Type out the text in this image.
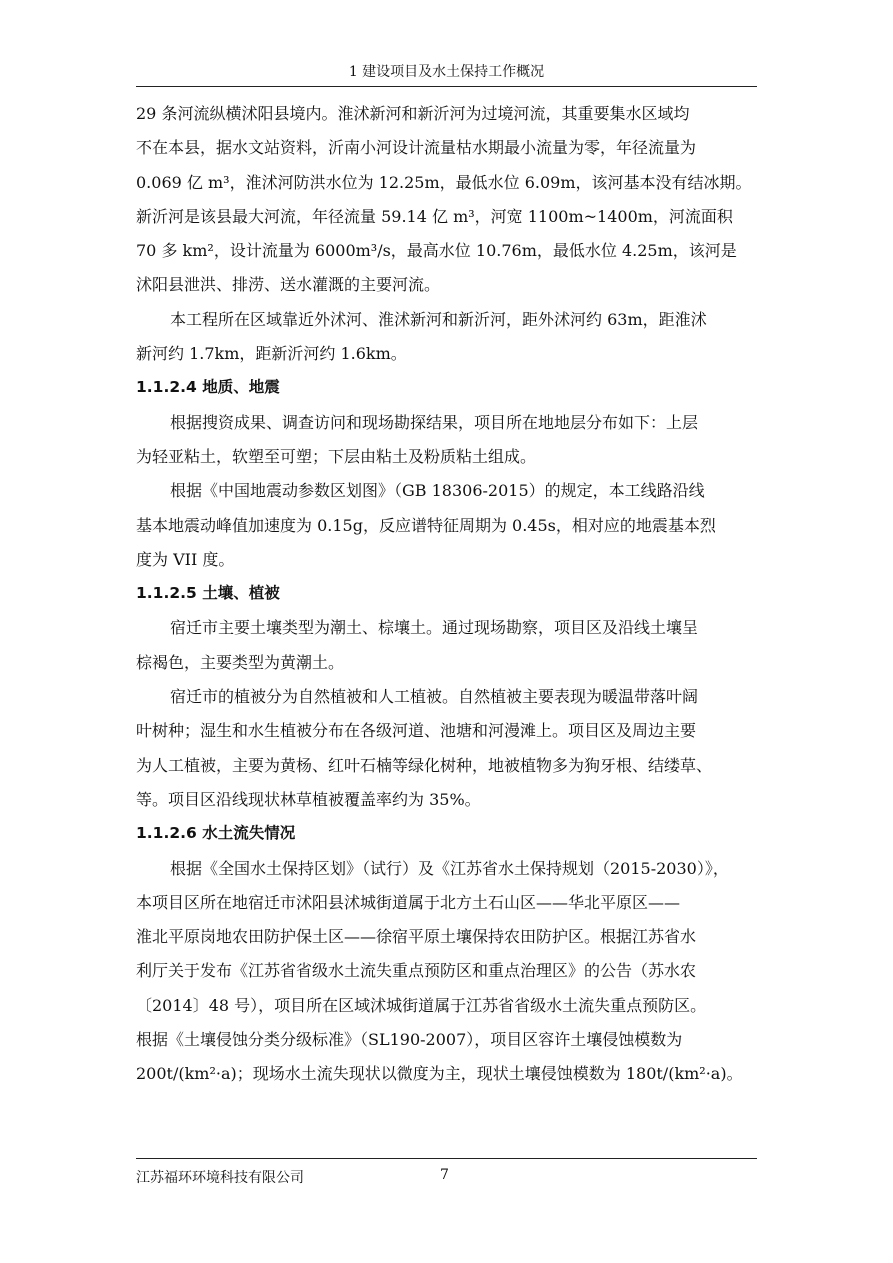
1 建设项目及水土保持工作概况
29 条河流纵横沭阳县境内。淮沭新河和新沂河为过境河流，其重要集水区域均
不在本县，据水文站资料，沂南小河设计流量枯水期最小流量为零，年径流量为
0.069 亿 m³，淮沭河防洪水位为 12.25m，最低水位 6.09m，该河基本没有结冰期。
新沂河是该县最大河流，年径流量 59.14 亿 m³，河宽 1100m~1400m，河流面积
70 多 km²，设计流量为 6000m³/s，最高水位 10.76m，最低水位 4.25m，该河是
沭阳县泄洪、排涝、送水灌溉的主要河流。
本工程所在区域靠近外沭河、淮沭新河和新沂河，距外沭河约 63m，距淮沭
新河约 1.7km，距新沂河约 1.6km。
1.1.2.4 地质、地震
根据搜资成果、调查访问和现场勘探结果，项目所在地地层分布如下：上层
为轻亚粘土，软塑至可塑；下层由粘土及粉质粘土组成。
根据《中国地震动参数区划图》（GB 18306-2015）的规定，本工线路沿线
基本地震动峰值加速度为 0.15g，反应谱特征周期为 0.45s，相对应的地震基本烈
度为 VII 度。
1.1.2.5 土壤、植被
宿迁市主要土壤类型为潮土、棕壤土。通过现场勘察，项目区及沿线土壤呈
棕褐色，主要类型为黄潮土。
宿迁市的植被分为自然植被和人工植被。自然植被主要表现为暖温带落叶阔
叶树种；湿生和水生植被分布在各级河道、池塘和河漫滩上。项目区及周边主要
为人工植被，主要为黄杨、红叶石楠等绿化树种，地被植物多为狗牙根、结缕草、
等。项目区沿线现状林草植被覆盖率约为 35%。
1.1.2.6 水土流失情况
根据《全国水土保持区划》（试行）及《江苏省水土保持规划（2015-2030）》，
本项目区所在地宿迁市沭阳县沭城街道属于北方土石山区——华北平原区——
淮北平原岗地农田防护保土区——徐宿平原土壤保持农田防护区。根据江苏省水
利厅关于发布《江苏省省级水土流失重点预防区和重点治理区》的公告（苏水农
〔2014〕48 号），项目所在区域沭城街道属于江苏省省级水土流失重点预防区。
根据《土壤侵蚀分类分级标准》（SL190-2007），项目区容许土壤侵蚀模数为
200t/(km²·a)；现场水土流失现状以微度为主，现状土壤侵蚀模数为 180t/(km²·a)。
江苏福环环境科技有限公司	7
